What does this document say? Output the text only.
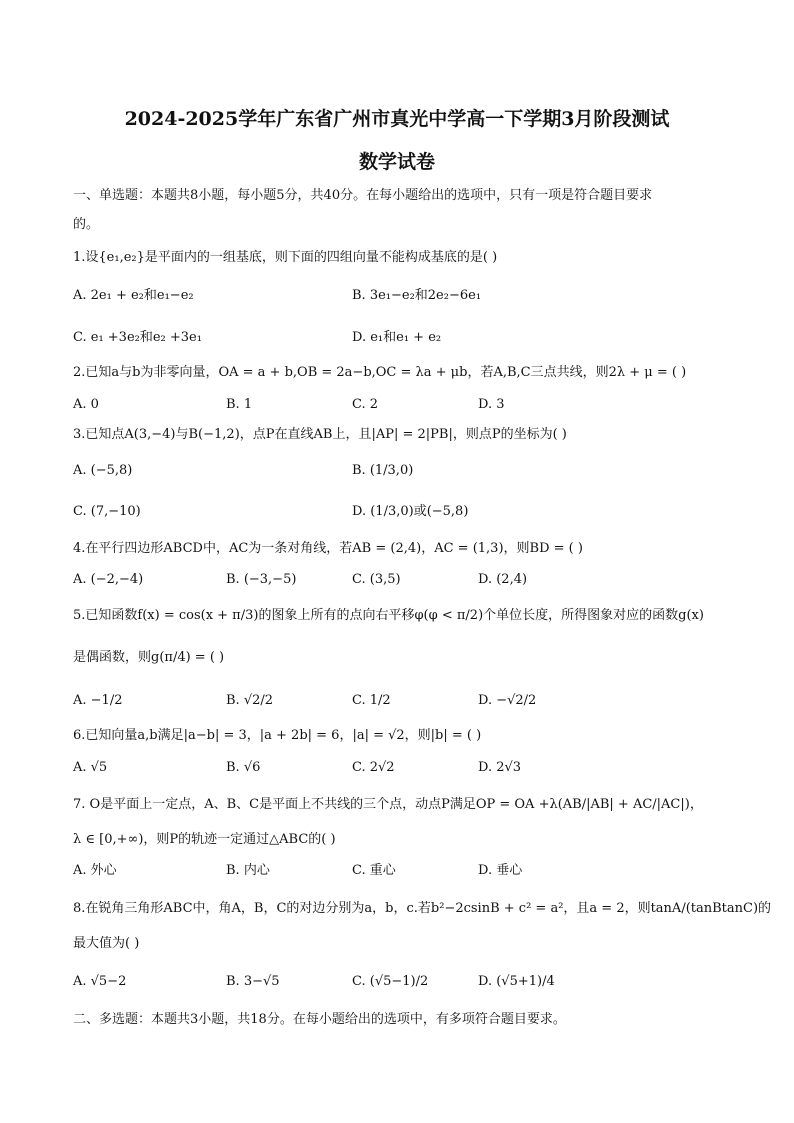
2024-2025学年广东省广州市真光中学高一下学期3月阶段测试
数学试卷
一、单选题：本题共8小题，每小题5分，共40分。在每小题给出的选项中，只有一项是符合题目要求
的。
1.设{e₁,e₂}是平面内的一组基底，则下面的四组向量不能构成基底的是( )
A. 2e₁ + e₂和e₁−e₂	B. 3e₁−e₂和2e₂−6e₁
C. e₁ +3e₂和e₂ +3e₁	D. e₁和e₁ + e₂
2.已知a与b为非零向量，OA = a + b,OB = 2a−b,OC = λa + μb，若A,B,C三点共线，则2λ + μ = ( )
A. 0	B. 1	C. 2	D. 3
3.已知点A(3,−4)与B(−1,2)，点P在直线AB上，且|AP| = 2|PB|，则点P的坐标为( )
A. (−5,8)	B. (1/3,0)
C. (7,−10)	D. (1/3,0)或(−5,8)
4.在平行四边形ABCD中，AC为一条对角线，若AB = (2,4)，AC = (1,3)，则BD = ( )
A. (−2,−4)	B. (−3,−5)	C. (3,5)	D. (2,4)
5.已知函数f(x) = cos(x + π/3)的图象上所有的点向右平移φ(φ < π/2)个单位长度，所得图象对应的函数g(x)
是偶函数，则g(π/4) = ( )
A. −1/2	B. √2/2	C. 1/2	D. −√2/2
6.已知向量a,b满足|a−b| = 3，|a + 2b| = 6，|a| = √2，则|b| = ( )
A. √5	B. √6	C. 2√2	D. 2√3
7. O是平面上一定点，A、B、C是平面上不共线的三个点，动点P满足OP = OA +λ(AB/|AB| + AC/|AC|)，
λ ∈ [0,+∞)，则P的轨迹一定通过△ABC的( )
A. 外心	B. 内心	C. 重心	D. 垂心
8.在锐角三角形ABC中，角A，B，C的对边分别为a，b，c.若b²−2csinB + c² = a²，且a = 2，则tanA/(tanBtanC)的
最大值为( )
A. √5−2	B. 3−√5	C. (√5−1)/2	D. (√5+1)/4
二、多选题：本题共3小题，共18分。在每小题给出的选项中，有多项符合题目要求。
